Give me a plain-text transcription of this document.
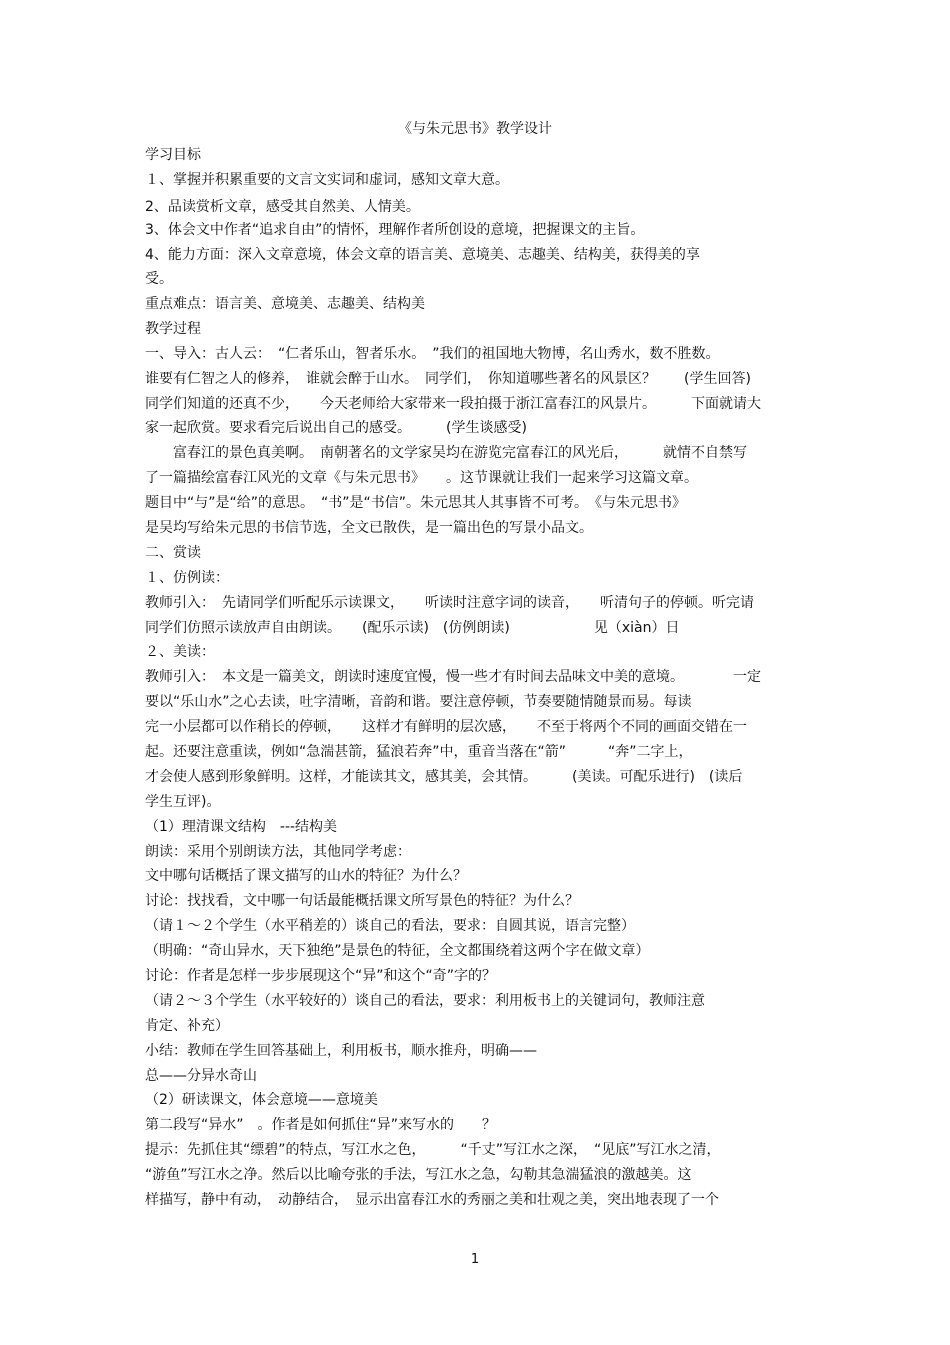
《与朱元思书》教学设计
学习目标
１、掌握并积累重要的文言文实词和虚词，感知文章大意。
2、品读赏析文章，感受其自然美、人情美。
3、体会文中作者“追求自由”的情怀，理解作者所创设的意境，把握课文的主旨。
4、能力方面：深入文章意境，体会文章的语言美、意境美、志趣美、结构美，获得美的享
受。
重点难点：语言美、意境美、志趣美、结构美
教学过程
一、导入：古人云：　“仁者乐山，智者乐水。　”我们的祖国地大物博，名山秀水，数不胜数。
谁要有仁智之人的修养，　谁就会醉于山水。　同学们，　你知道哪些著名的风景区？　　(学生回答)
同学们知道的还真不少，　　今天老师给大家带来一段拍摄于浙江富春江的风景片。　　　下面就请大
家一起欣赏。要求看完后说出自己的感受。　　　(学生谈感受)
　　富春江的景色真美啊。　南朝著名的文学家吴均在游览完富春江的风光后，　　　就情不自禁写
了一篇描绘富春江风光的文章《与朱元思书》　　。这节课就让我们一起来学习这篇文章。
题目中“与”是“给”的意思。　“书”是“书信”。朱元思其人其事皆不可考。　《与朱元思书》
是吴均写给朱元思的书信节选，全文已散佚，是一篇出色的写景小品文。
二、赏读
１、仿例读：
教师引入：　先请同学们听配乐示读课文，　　听读时注意字词的读音，　　听清句子的停顿。听完请
同学们仿照示读放声自由朗读。　　(配乐示读)　(仿例朗读)　　　　　　见（xiàn）日
２、美读：
教师引入：　本文是一篇美文，朗读时速度宜慢，慢一些才有时间去品味文中美的意境。　　　　一定
要以“乐山水”之心去读，吐字清晰，音韵和谐。要注意停顿，节奏要随情随景而易。每读
完一小层都可以作稍长的停顿，　　这样才有鲜明的层次感，　　不至于将两个不同的画面交错在一
起。还要注意重读，例如“急湍甚箭，猛浪若奔”中，重音当落在“箭”　　　“奔”二字上，
才会使人感到形象鲜明。这样，才能读其文，感其美，会其情。　　　(美读。可配乐进行)　(读后
学生互评)。
（1）理清课文结构　---结构美
朗读：采用个别朗读方法，其他同学考虑：
文中哪句话概括了课文描写的山水的特征？为什么？
讨论：找找看，文中哪一句话最能概括课文所写景色的特征？为什么？
（请１～２个学生（水平稍差的）谈自己的看法，要求：自圆其说，语言完整）
（明确：“奇山异水，天下独绝”是景色的特征，全文都围绕着这两个字在做文章）
讨论：作者是怎样一步步展现这个“异”和这个“奇”字的？
（请２～３个学生（水平较好的）谈自己的看法，要求：利用板书上的关键词句，教师注意
肯定、补充）
小结：教师在学生回答基础上，利用板书，顺水推舟，明确——
总——分异水奇山
（2）研读课文，体会意境——意境美
第二段写“异水”　。作者是如何抓住“异”来写水的　　？
提示：先抓住其“缥碧”的特点，写江水之色，　　　“千丈”写江水之深，　“见底”写江水之清，
“游鱼”写江水之净。然后以比喻夸张的手法，写江水之急，勾勒其急湍猛浪的激越美。这
样描写，静中有动，　动静结合，　显示出富春江水的秀丽之美和壮观之美，突出地表现了一个
1
